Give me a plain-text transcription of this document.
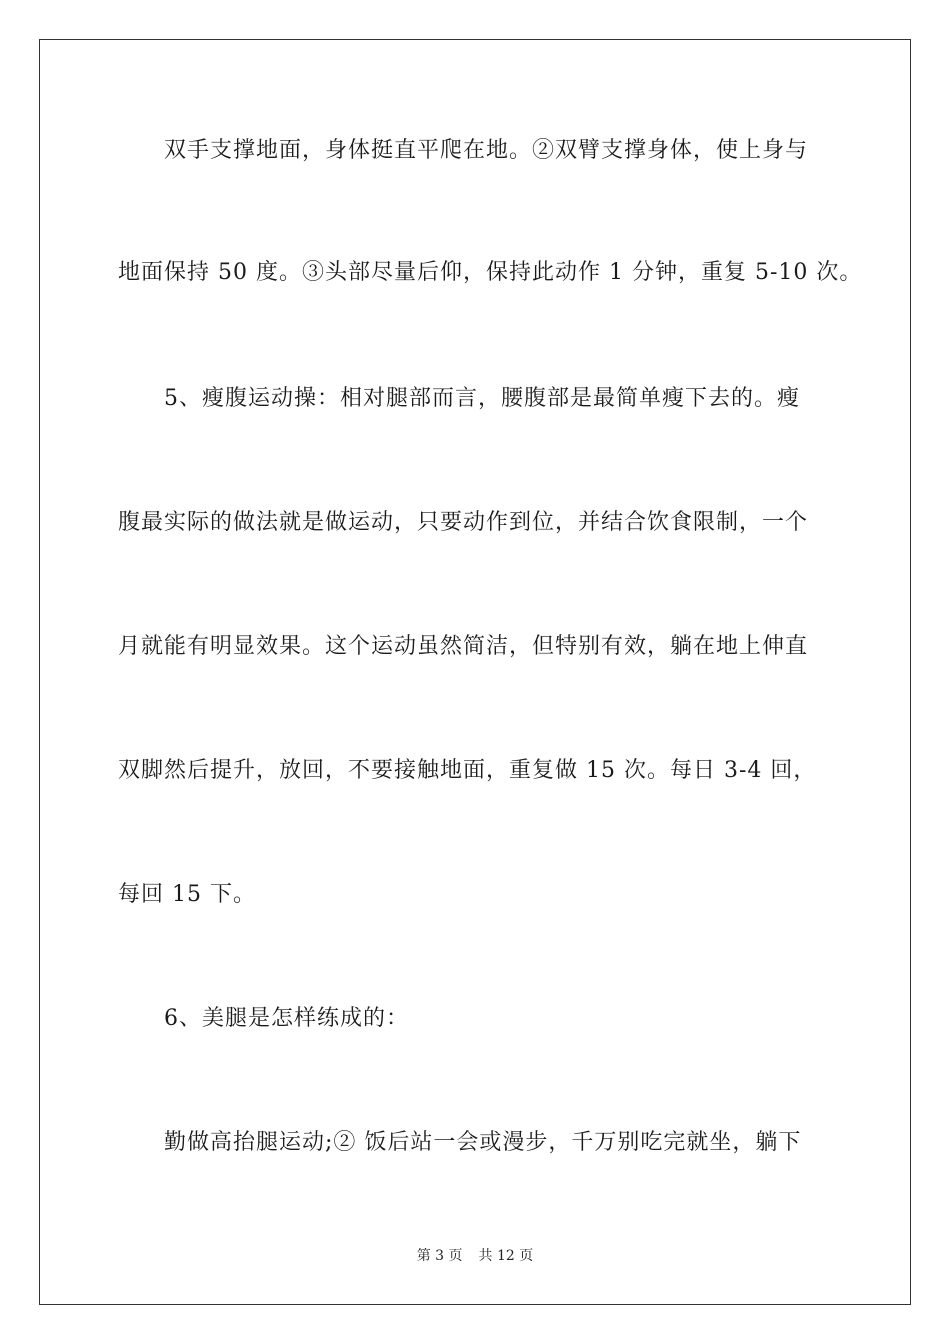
双手支撑地面，身体挺直平爬在地。②双臂支撑身体，使上身与
地面保持 50 度。③头部尽量后仰，保持此动作 1 分钟，重复 5-10 次。
5、瘦腹运动操：相对腿部而言，腰腹部是最简单瘦下去的。瘦
腹最实际的做法就是做运动，只要动作到位，并结合饮食限制，一个
月就能有明显效果。这个运动虽然简洁，但特别有效，躺在地上伸直
双脚然后提升，放回，不要接触地面，重复做 15 次。每日 3-4 回，
每回 15 下。
6、美腿是怎样练成的：
勤做高抬腿运动;② 饭后站一会或漫步，千万别吃完就坐，躺下
第 3 页 共 12 页
